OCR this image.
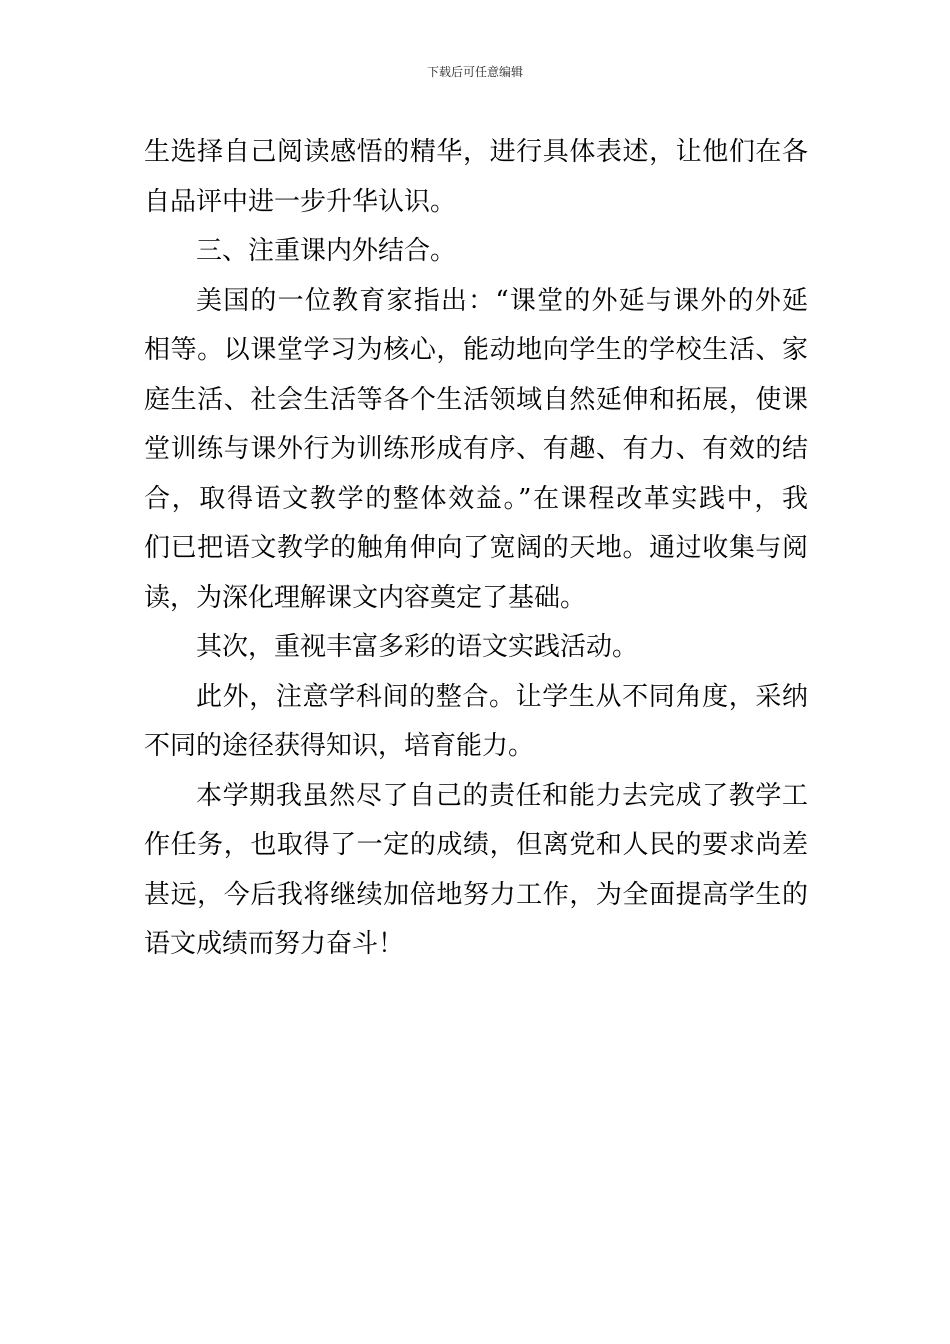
下载后可任意编辑
生选择自己阅读感悟的精华，进行具体表述，让他们在各
自品评中进一步升华认识。
三、注重课内外结合。
美国的一位教育家指出：“课堂的外延与课外的外延
相等。以课堂学习为核心，能动地向学生的学校生活、家
庭生活、社会生活等各个生活领域自然延伸和拓展，使课
堂训练与课外行为训练形成有序、有趣、有力、有效的结
合，取得语文教学的整体效益。”在课程改革实践中，我
们已把语文教学的触角伸向了宽阔的天地。通过收集与阅
读，为深化理解课文内容奠定了基础。
其次，重视丰富多彩的语文实践活动。
此外，注意学科间的整合。让学生从不同角度，采纳
不同的途径获得知识，培育能力。
本学期我虽然尽了自己的责任和能力去完成了教学工
作任务，也取得了一定的成绩，但离党和人民的要求尚差
甚远，今后我将继续加倍地努力工作，为全面提高学生的
语文成绩而努力奋斗！
